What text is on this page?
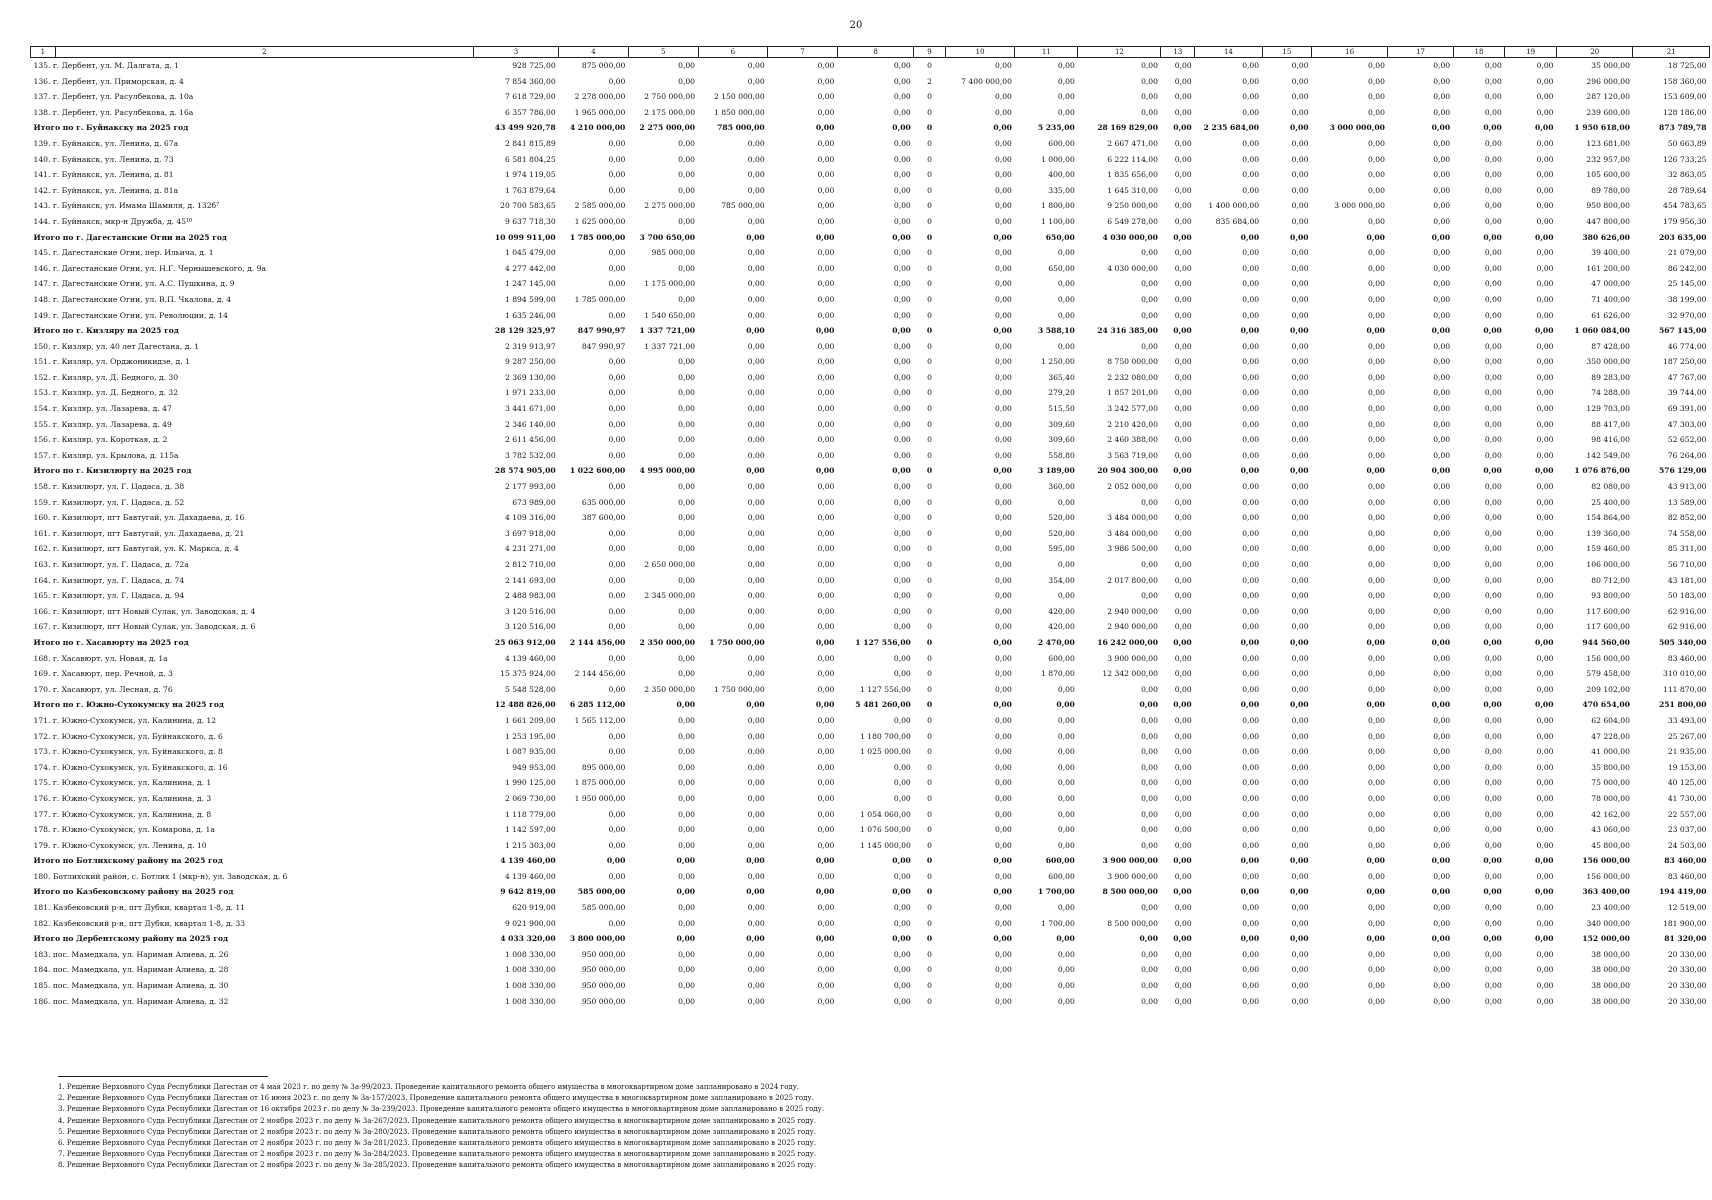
20
1	2	3	4	5	6	7	8	9	10	11	12	13	14	15	16	17	18	19	20	21
135. г. Дербент, ул. М. Далгата, д. 1		928 725,00	875 000,00	0,00	0,00	0,00	0,00	0	0,00	0,00	0,00	0,00	0,00	0,00	0,00	0,00	0,00	0,00	35 000,00	18 725,00
136. г. Дербент, ул. Приморская, д. 4		7 854 360,00	0,00	0,00	0,00	0,00	0,00	2	7 400 000,00	0,00	0,00	0,00	0,00	0,00	0,00	0,00	0,00	0,00	296 000,00	158 360,00
137. г. Дербент, ул. Расулбекова, д. 10а		7 618 729,00	2 278 000,00	2 750 000,00	2 150 000,00	0,00	0,00	0	0,00	0,00	0,00	0,00	0,00	0,00	0,00	0,00	0,00	0,00	287 120,00	153 609,00
138. г. Дербент, ул. Расулбекова, д. 16а		6 357 786,00	1 965 000,00	2 175 000,00	1 850 000,00	0,00	0,00	0	0,00	0,00	0,00	0,00	0,00	0,00	0,00	0,00	0,00	0,00	239 600,00	128 186,00
Итого по г. Буйнакску на 2025 год		43 499 920,78	4 210 000,00	2 275 000,00	785 000,00	0,00	0,00	0	0,00	5 235,00	28 169 829,00	0,00	2 235 684,00	0,00	3 000 000,00	0,00	0,00	0,00	1 950 618,00	873 789,78
139. г. Буйнакск, ул. Ленина, д. 67а		2 841 815,89	0,00	0,00	0,00	0,00	0,00	0	0,00	600,00	2 667 471,00	0,00	0,00	0,00	0,00	0,00	0,00	0,00	123 681,00	50 663,89
140. г. Буйнакск, ул. Ленина, д. 73		6 581 804,25	0,00	0,00	0,00	0,00	0,00	0	0,00	1 000,00	6 222 114,00	0,00	0,00	0,00	0,00	0,00	0,00	0,00	232 957,00	126 733,25
141. г. Буйнакск, ул. Ленина, д. 81		1 974 119,05	0,00	0,00	0,00	0,00	0,00	0	0,00	400,00	1 835 656,00	0,00	0,00	0,00	0,00	0,00	0,00	0,00	105 600,00	32 863,05
142. г. Буйнакск, ул. Ленина, д. 81а		1 763 879,64	0,00	0,00	0,00	0,00	0,00	0	0,00	335,00	1 645 310,00	0,00	0,00	0,00	0,00	0,00	0,00	0,00	89 780,00	28 789,64
143. г. Буйнакск, ул. Имама Шамиля, д. 132б⁷		20 700 583,65	2 585 000,00	2 275 000,00	785 000,00	0,00	0,00	0	0,00	1 800,00	9 250 000,00	0,00	1 400 000,00	0,00	3 000 000,00	0,00	0,00	0,00	950 800,00	454 783,65
144. г. Буйнакск, мкр-н Дружба, д. 45¹⁰		9 637 718,30	1 625 000,00	0,00	0,00	0,00	0,00	0	0,00	1 100,00	6 549 278,00	0,00	835 684,00	0,00	0,00	0,00	0,00	0,00	447 800,00	179 956,30
Итого по г. Дагестанские Огни на 2025 год		10 099 911,00	1 785 000,00	3 700 650,00	0,00	0,00	0,00	0	0,00	650,00	4 030 000,00	0,00	0,00	0,00	0,00	0,00	0,00	0,00	380 626,00	203 635,00
145. г. Дагестанские Огни, пер. Ильича, д. 1		1 045 479,00	0,00	985 000,00	0,00	0,00	0,00	0	0,00	0,00	0,00	0,00	0,00	0,00	0,00	0,00	0,00	0,00	39 400,00	21 079,00
146. г. Дагестанские Огни, ул. Н.Г. Чернышевского, д. 9а		4 277 442,00	0,00	0,00	0,00	0,00	0,00	0	0,00	650,00	4 030 000,00	0,00	0,00	0,00	0,00	0,00	0,00	0,00	161 200,00	86 242,00
147. г. Дагестанские Огни, ул. А.С. Пушкина, д. 9		1 247 145,00	0,00	1 175 000,00	0,00	0,00	0,00	0	0,00	0,00	0,00	0,00	0,00	0,00	0,00	0,00	0,00	0,00	47 000,00	25 145,00
148. г. Дагестанские Огни, ул. В.П. Чкалова, д. 4		1 894 599,00	1 785 000,00	0,00	0,00	0,00	0,00	0	0,00	0,00	0,00	0,00	0,00	0,00	0,00	0,00	0,00	0,00	71 400,00	38 199,00
149. г. Дагестанские Огни, ул. Революции, д. 14		1 635 246,00	0,00	1 540 650,00	0,00	0,00	0,00	0	0,00	0,00	0,00	0,00	0,00	0,00	0,00	0,00	0,00	0,00	61 626,00	32 970,00
Итого по г. Кизляру на 2025 год		28 129 325,97	847 990,97	1 337 721,00	0,00	0,00	0,00	0	0,00	3 588,10	24 316 385,00	0,00	0,00	0,00	0,00	0,00	0,00	0,00	1 060 084,00	567 145,00
150. г. Кизляр, ул. 40 лет Дагестана, д. 1		2 319 913,97	847 990,97	1 337 721,00	0,00	0,00	0,00	0	0,00	0,00	0,00	0,00	0,00	0,00	0,00	0,00	0,00	0,00	87 428,00	46 774,00
151. г. Кизляр, ул. Орджоникидзе, д. 1		9 287 250,00	0,00	0,00	0,00	0,00	0,00	0	0,00	1 250,00	8 750 000,00	0,00	0,00	0,00	0,00	0,00	0,00	0,00	350 000,00	187 250,00
152. г. Кизляр, ул. Д. Бедного, д. 30		2 369 130,00	0,00	0,00	0,00	0,00	0,00	0	0,00	365,40	2 232 080,00	0,00	0,00	0,00	0,00	0,00	0,00	0,00	89 283,00	47 767,00
153. г. Кизляр, ул. Д. Бедного, д. 32		1 971 233,00	0,00	0,00	0,00	0,00	0,00	0	0,00	279,20	1 857 201,00	0,00	0,00	0,00	0,00	0,00	0,00	0,00	74 288,00	39 744,00
154. г. Кизляр, ул. Лазарева, д. 47		3 441 671,00	0,00	0,00	0,00	0,00	0,00	0	0,00	515,50	3 242 577,00	0,00	0,00	0,00	0,00	0,00	0,00	0,00	129 703,00	69 391,00
155. г. Кизляр, ул. Лазарева, д. 49		2 346 140,00	0,00	0,00	0,00	0,00	0,00	0	0,00	309,60	2 210 420,00	0,00	0,00	0,00	0,00	0,00	0,00	0,00	88 417,00	47 303,00
156. г. Кизляр, ул. Короткая, д. 2		2 611 456,00	0,00	0,00	0,00	0,00	0,00	0	0,00	309,60	2 460 388,00	0,00	0,00	0,00	0,00	0,00	0,00	0,00	98 416,00	52 652,00
157. г. Кизляр, ул. Крылова, д. 115а		3 782 532,00	0,00	0,00	0,00	0,00	0,00	0	0,00	558,80	3 563 719,00	0,00	0,00	0,00	0,00	0,00	0,00	0,00	142 549,00	76 264,00
Итого по г. Кизилюрту на 2025 год		28 574 905,00	1 022 600,00	4 995 000,00	0,00	0,00	0,00	0	0,00	3 189,00	20 904 300,00	0,00	0,00	0,00	0,00	0,00	0,00	0,00	1 076 876,00	576 129,00
158. г. Кизилюрт, ул. Г. Цадаса, д. 38		2 177 993,00	0,00	0,00	0,00	0,00	0,00	0	0,00	360,00	2 052 000,00	0,00	0,00	0,00	0,00	0,00	0,00	0,00	82 080,00	43 913,00
159. г. Кизилюрт, ул. Г. Цадаса, д. 52		673 989,00	635 000,00	0,00	0,00	0,00	0,00	0	0,00	0,00	0,00	0,00	0,00	0,00	0,00	0,00	0,00	0,00	25 400,00	13 589,00
160. г. Кизилюрт, пгт Бавтугай, ул. Дахадаева, д. 16		4 109 316,00	387 600,00	0,00	0,00	0,00	0,00	0	0,00	520,00	3 484 000,00	0,00	0,00	0,00	0,00	0,00	0,00	0,00	154 864,00	82 852,00
161. г. Кизилюрт, пгт Бавтугай, ул. Дахадаева, д. 21		3 697 918,00	0,00	0,00	0,00	0,00	0,00	0	0,00	520,00	3 484 000,00	0,00	0,00	0,00	0,00	0,00	0,00	0,00	139 360,00	74 558,00
162. г. Кизилюрт, пгт Бавтугай, ул. К. Маркса, д. 4		4 231 271,00	0,00	0,00	0,00	0,00	0,00	0	0,00	595,00	3 986 500,00	0,00	0,00	0,00	0,00	0,00	0,00	0,00	159 460,00	85 311,00
163. г. Кизилюрт, ул. Г. Цадаса, д. 72а		2 812 710,00	0,00	2 650 000,00	0,00	0,00	0,00	0	0,00	0,00	0,00	0,00	0,00	0,00	0,00	0,00	0,00	0,00	106 000,00	56 710,00
164. г. Кизилюрт, ул. Г. Цадаса, д. 74		2 141 693,00	0,00	0,00	0,00	0,00	0,00	0	0,00	354,00	2 017 800,00	0,00	0,00	0,00	0,00	0,00	0,00	0,00	80 712,00	43 181,00
165. г. Кизилюрт, ул. Г. Цадаса, д. 94		2 488 983,00	0,00	2 345 000,00	0,00	0,00	0,00	0	0,00	0,00	0,00	0,00	0,00	0,00	0,00	0,00	0,00	0,00	93 800,00	50 183,00
166. г. Кизилюрт, пгт Новый Сулак, ул. Заводская, д. 4		3 120 516,00	0,00	0,00	0,00	0,00	0,00	0	0,00	420,00	2 940 000,00	0,00	0,00	0,00	0,00	0,00	0,00	0,00	117 600,00	62 916,00
167. г. Кизилюрт, пгт Новый Сулак, ул. Заводская, д. 6		3 120 516,00	0,00	0,00	0,00	0,00	0,00	0	0,00	420,00	2 940 000,00	0,00	0,00	0,00	0,00	0,00	0,00	0,00	117 600,00	62 916,00
Итого по г. Хасавюрту на 2025 год		25 063 912,00	2 144 456,00	2 350 000,00	1 750 000,00	0,00	1 127 556,00	0	0,00	2 470,00	16 242 000,00	0,00	0,00	0,00	0,00	0,00	0,00	0,00	944 560,00	505 340,00
168. г. Хасавюрт, ул. Новая, д. 1а		4 139 460,00	0,00	0,00	0,00	0,00	0,00	0	0,00	600,00	3 900 000,00	0,00	0,00	0,00	0,00	0,00	0,00	0,00	156 000,00	83 460,00
169. г. Хасавюрт, пер. Речной, д. 3		15 375 924,00	2 144 456,00	0,00	0,00	0,00	0,00	0	0,00	1 870,00	12 342 000,00	0,00	0,00	0,00	0,00	0,00	0,00	0,00	579 458,00	310 010,00
170. г. Хасавюрт, ул. Лесная, д. 76		5 548 528,00	0,00	2 350 000,00	1 750 000,00	0,00	1 127 556,00	0	0,00	0,00	0,00	0,00	0,00	0,00	0,00	0,00	0,00	0,00	209 102,00	111 870,00
Итого по г. Южно-Сухокумску на 2025 год		12 488 826,00	6 285 112,00	0,00	0,00	0,00	5 481 260,00	0	0,00	0,00	0,00	0,00	0,00	0,00	0,00	0,00	0,00	0,00	470 654,00	251 800,00
171. г. Южно-Сухокумск, ул. Калинина, д. 12		1 661 209,00	1 565 112,00	0,00	0,00	0,00	0,00	0	0,00	0,00	0,00	0,00	0,00	0,00	0,00	0,00	0,00	0,00	62 604,00	33 493,00
172. г. Южно-Сухокумск, ул. Буйнакского, д. 6		1 253 195,00	0,00	0,00	0,00	0,00	1 180 700,00	0	0,00	0,00	0,00	0,00	0,00	0,00	0,00	0,00	0,00	0,00	47 228,00	25 267,00
173. г. Южно-Сухокумск, ул. Буйнакского, д. 8		1 087 935,00	0,00	0,00	0,00	0,00	1 025 000,00	0	0,00	0,00	0,00	0,00	0,00	0,00	0,00	0,00	0,00	0,00	41 000,00	21 935,00
174. г. Южно-Сухокумск, ул. Буйнакского, д. 16		949 953,00	895 000,00	0,00	0,00	0,00	0,00	0	0,00	0,00	0,00	0,00	0,00	0,00	0,00	0,00	0,00	0,00	35 800,00	19 153,00
175. г. Южно-Сухокумск, ул. Калинина, д. 1		1 990 125,00	1 875 000,00	0,00	0,00	0,00	0,00	0	0,00	0,00	0,00	0,00	0,00	0,00	0,00	0,00	0,00	0,00	75 000,00	40 125,00
176. г. Южно-Сухокумск, ул. Калинина, д. 3		2 069 730,00	1 950 000,00	0,00	0,00	0,00	0,00	0	0,00	0,00	0,00	0,00	0,00	0,00	0,00	0,00	0,00	0,00	78 000,00	41 730,00
177. г. Южно-Сухокумск, ул. Калинина, д. 8		1 118 779,00	0,00	0,00	0,00	0,00	1 054 060,00	0	0,00	0,00	0,00	0,00	0,00	0,00	0,00	0,00	0,00	0,00	42 162,00	22 557,00
178. г. Южно-Сухокумск, ул. Комарова, д. 1а		1 142 597,00	0,00	0,00	0,00	0,00	1 076 500,00	0	0,00	0,00	0,00	0,00	0,00	0,00	0,00	0,00	0,00	0,00	43 060,00	23 037,00
179. г. Южно-Сухокумск, ул. Ленина, д. 10		1 215 303,00	0,00	0,00	0,00	0,00	1 145 000,00	0	0,00	0,00	0,00	0,00	0,00	0,00	0,00	0,00	0,00	0,00	45 800,00	24 503,00
Итого по Ботлихскому району на 2025 год		4 139 460,00	0,00	0,00	0,00	0,00	0,00	0	0,00	600,00	3 900 000,00	0,00	0,00	0,00	0,00	0,00	0,00	0,00	156 000,00	83 460,00
180. Ботлихский район, с. Ботлих 1 (мкр-н), ул. Заводская, д. 6		4 139 460,00	0,00	0,00	0,00	0,00	0,00	0	0,00	600,00	3 900 000,00	0,00	0,00	0,00	0,00	0,00	0,00	0,00	156 000,00	83 460,00
Итого по Казбековскому району на 2025 год		9 642 819,00	585 000,00	0,00	0,00	0,00	0,00	0	0,00	1 700,00	8 500 000,00	0,00	0,00	0,00	0,00	0,00	0,00	0,00	363 400,00	194 419,00
181. Казбековский р-н, пгт Дубки, квартал 1-8, д. 11		620 919,00	585 000,00	0,00	0,00	0,00	0,00	0	0,00	0,00	0,00	0,00	0,00	0,00	0,00	0,00	0,00	0,00	23 400,00	12 519,00
182. Казбековский р-н, пгт Дубки, квартал 1-8, д. 33		9 021 900,00	0,00	0,00	0,00	0,00	0,00	0	0,00	1 700,00	8 500 000,00	0,00	0,00	0,00	0,00	0,00	0,00	0,00	340 000,00	181 900,00
Итого по Дербентскому району на 2025 год		4 033 320,00	3 800 000,00	0,00	0,00	0,00	0,00	0	0,00	0,00	0,00	0,00	0,00	0,00	0,00	0,00	0,00	0,00	152 000,00	81 320,00
183. пос. Мамедкала, ул. Нариман Алиева, д. 26		1 008 330,00	950 000,00	0,00	0,00	0,00	0,00	0	0,00	0,00	0,00	0,00	0,00	0,00	0,00	0,00	0,00	0,00	38 000,00	20 330,00
184. пос. Мамедкала, ул. Нариман Алиева, д. 28		1 008 330,00	950 000,00	0,00	0,00	0,00	0,00	0	0,00	0,00	0,00	0,00	0,00	0,00	0,00	0,00	0,00	0,00	38 000,00	20 330,00
185. пос. Мамедкала, ул. Нариман Алиева, д. 30		1 008 330,00	950 000,00	0,00	0,00	0,00	0,00	0	0,00	0,00	0,00	0,00	0,00	0,00	0,00	0,00	0,00	0,00	38 000,00	20 330,00
186. пос. Мамедкала, ул. Нариман Алиева, д. 32		1 008 330,00	950 000,00	0,00	0,00	0,00	0,00	0	0,00	0,00	0,00	0,00	0,00	0,00	0,00	0,00	0,00	0,00	38 000,00	20 330,00
1. Решение Верховного Суда Республики Дагестан от 4 мая 2023 г. по делу № 3а-99/2023. Проведение капитального ремонта общего имущества в многоквартирном доме запланировано в 2024 году.
2. Решение Верховного Суда Республики Дагестан от 16 июня 2023 г. по делу № 3а-157/2023. Проведение капитального ремонта общего имущества в многоквартирном доме запланировано в 2025 году.
3. Решение Верховного Суда Республики Дагестан от 16 октября 2023 г. по делу № 3а-239/2023. Проведение капитального ремонта общего имущества в многоквартирном доме запланировано в 2025 году.
4. Решение Верховного Суда Республики Дагестан от 2 ноября 2023 г. по делу № 3а-267/2023. Проведение капитального ремонта общего имущества в многоквартирном доме запланировано в 2025 году.
5. Решение Верховного Суда Республики Дагестан от 2 ноября 2023 г. по делу № 3а-280/2023. Проведение капитального ремонта общего имущества в многоквартирном доме запланировано в 2025 году.
6. Решение Верховного Суда Республики Дагестан от 2 ноября 2023 г. по делу № 3а-281/2023. Проведение капитального ремонта общего имущества в многоквартирном доме запланировано в 2025 году.
7. Решение Верховного Суда Республики Дагестан от 2 ноября 2023 г. по делу № 3а-284/2023. Проведение капитального ремонта общего имущества в многоквартирном доме запланировано в 2025 году.
8. Решение Верховного Суда Республики Дагестан от 2 ноября 2023 г. по делу № 3а-285/2023. Проведение капитального ремонта общего имущества в многоквартирном доме запланировано в 2025 году.
